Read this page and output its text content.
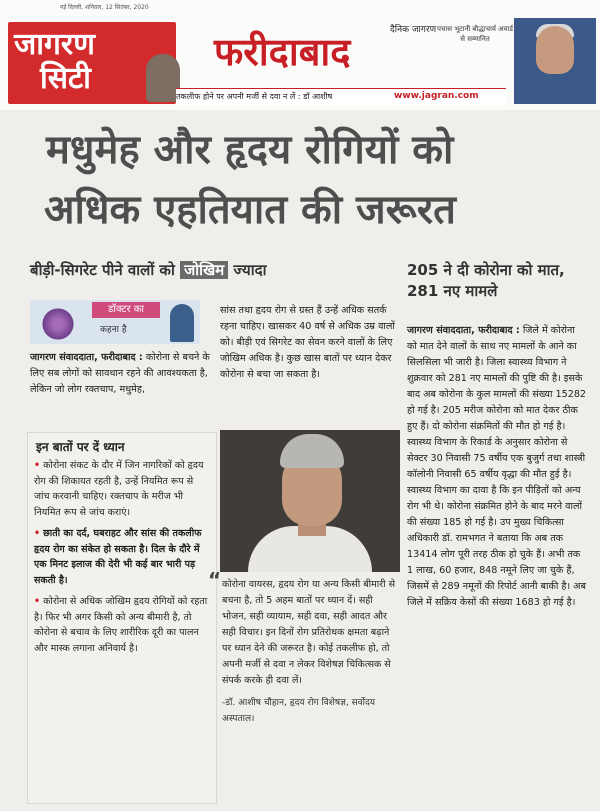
नई दिल्ली, शनिवार, 12 सितंबर, 2020
जागरण
सिटी
दैनिक जागरण
फरीदाबाद
तकलीफ होने पर अपनी मर्जी से दवा न लें : डॉ आशीष	www.jagran.com
पचास भूटानी बौद्धाचार्य अवार्ड से सम्मानित
मधुमेह और हृदय रोगियों को
अधिक एहतियात की जरूरत
बीड़ी-सिगरेट पीने वालों को जोखिम ज्यादा	205 ने दी कोरोना को मात, 281 नए मामले
डॉक्टर का
कहना है

जागरण संवाददाता, फरीदाबाद : कोरोना से बचने के लिए सब लोगों को सावधान रहने की आवश्यकता है, लेकिन जो लोग रक्तचाप, मधुमेह,

इन बातों पर दें ध्यान
• कोरोना संकट के दौर में जिन नागरिकों को हृदय रोग की शिकायत रहती है, उन्हें नियमित रूप से जांच करवानी चाहिए। रक्तचाप के मरीज भी नियमित रूप से जांच कराएं।
• छाती का दर्द, घबराहट और सांस की तकलीफ हृदय रोग का संकेत हो सकता है। दिल के दौरे में एक मिनट इलाज की देरी भी कई बार भारी पड़ सकती है।
• कोरोना से अधिक जोखिम हृदय रोगियों को रहता है। फिर भी अगर किसी को अन्य बीमारी है, तो कोरोना से बचाव के लिए शारीरिक दूरी का पालन और मास्क लगाना अनिवार्य है।

सांस तथा हृदय रोग से ग्रस्त हैं उन्हें अधिक सतर्क रहना चाहिए। खासकर 40 वर्ष से अधिक उम्र वालों को। बीड़ी एवं सिगरेट का सेवन करने वालों के लिए जोखिम अधिक है। कुछ खास बातों पर ध्यान देकर कोरोना से बचा जा सकता है।

“ कोरोना वायरस, हृदय रोग या अन्य किसी बीमारी से बचना है, तो 5 अहम बातों पर ध्यान दें। सही भोजन, सही व्यायाम, सही दवा, सही आदत और सही विचार। इन दिनों रोग प्रतिरोधक क्षमता बढ़ाने पर ध्यान देने की जरूरत है। कोई तकलीफ हो, तो अपनी मर्जी से दवा न लेकर विशेषज्ञ चिकित्सक से संपर्क करके ही दवा लें।
-डॉ. आशीष चौहान, हृदय रोग विशेषज्ञ, सर्वोदय अस्पताल।

जागरण संवाददाता, फरीदाबाद : जिले में कोरोना को मात देने वालों के साथ नए मामलों के आने का सिलसिला भी जारी है। जिला स्वास्थ्य विभाग ने शुक्रवार को 281 नए मामलों की पुष्टि की है। इसके बाद अब कोरोना के कुल मामलों की संख्या 15282 हो गई है। 205 मरीज कोरोना को मात देकर ठीक हुए हैं। दो कोरोना संक्रमितों की मौत हो गई है। स्वास्थ्य विभाग के रिकार्ड के अनुसार कोरोना से सेक्टर 30 निवासी 75 वर्षीय एक बुजुर्ग तथा शास्त्री कॉलोनी निवासी 65 वर्षीय वृद्धा की मौत हुई है। स्वास्थ्य विभाग का दावा है कि इन पीड़ितों को अन्य रोग भी थे। कोरोना संक्रमित होने के बाद मरने वालों की संख्या 185 हो गई है। उप मुख्य चिकित्सा अधिकारी डॉ. रामभगत ने बताया कि अब तक 13414 लोग पूरी तरह ठीक हो चुके हैं। अभी तक 1 लाख, 60 हजार, 848 नमूने लिए जा चुके हैं, जिसमें से 289 नमूनों की रिपोर्ट आनी बाकी है। अब जिले में सक्रिय केसों की संख्या 1683 हो गई है।
